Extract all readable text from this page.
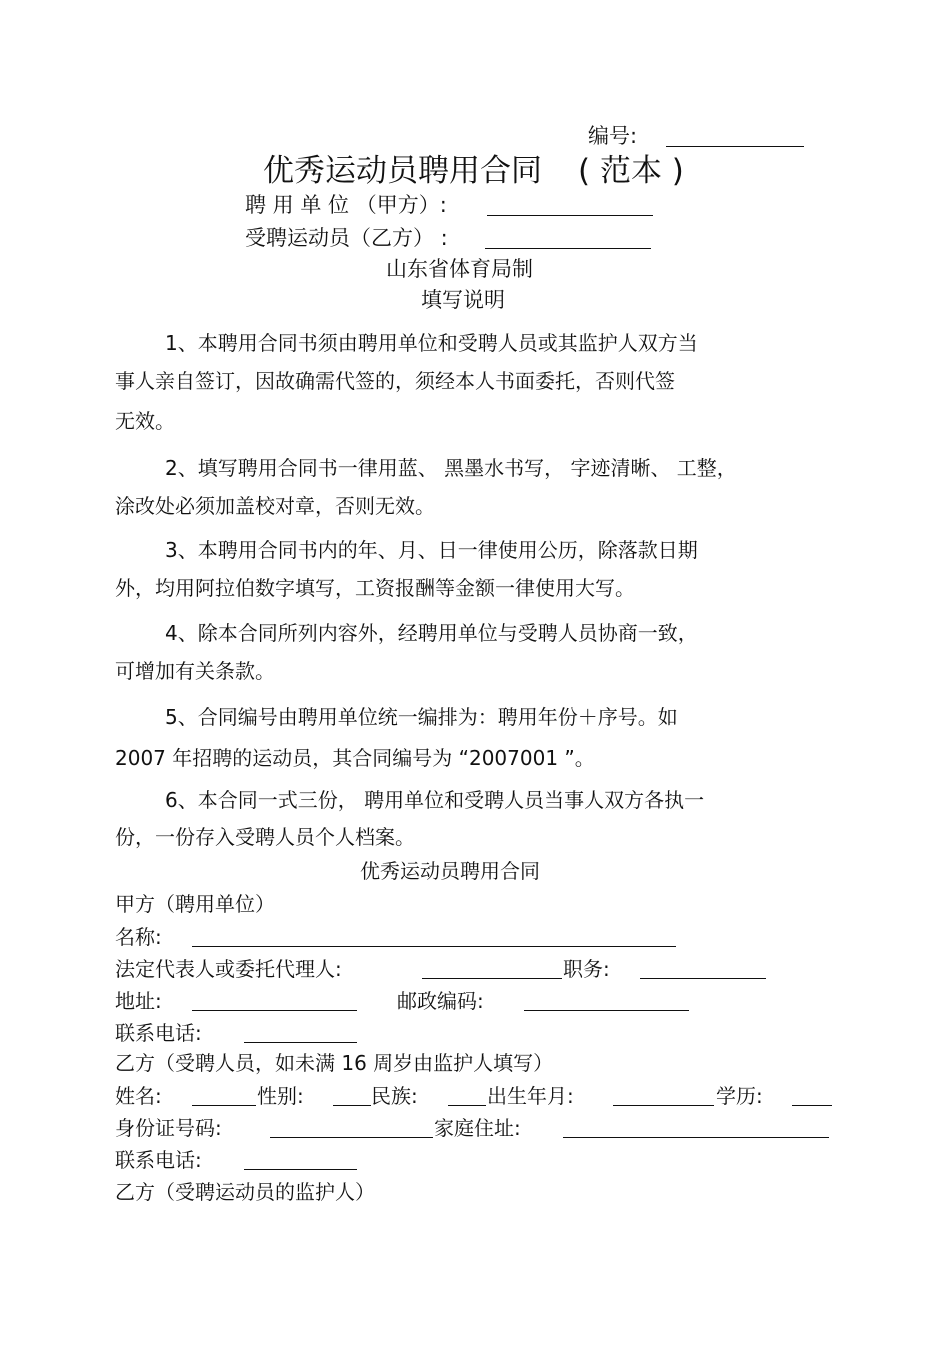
编号:
优秀运动员聘用合同 ( 范本 )
聘 用 单 位 （甲方）:
受聘运动员（乙方） :
山东省体育局制
填写说明
1、本聘用合同书须由聘用单位和受聘人员或其监护人双方当
事人亲自签订，因故确需代签的，须经本人书面委托，否则代签
无效。
2、填写聘用合同书一律用蓝、 黑墨水书写， 字迹清晰、 工整，
涂改处必须加盖校对章，否则无效。
3、本聘用合同书内的年、月、日一律使用公历，除落款日期
外，均用阿拉伯数字填写，工资报酬等金额一律使用大写。
4、除本合同所列内容外，经聘用单位与受聘人员协商一致，
可增加有关条款。
5、合同编号由聘用单位统一编排为：聘用年份＋序号。如
2007 年招聘的运动员，其合同编号为 “2007001 ”。
6、本合同一式三份， 聘用单位和受聘人员当事人双方各执一
份，一份存入受聘人员个人档案。
优秀运动员聘用合同
甲方（聘用单位）
名称:
法定代表人或委托代理人:	职务:
地址:	邮政编码:
联系电话:
乙方（受聘人员，如未满 16 周岁由监护人填写）
姓名:	性别:	民族:	出生年月:	学历:
身份证号码:	家庭住址:
联系电话:
乙方（受聘运动员的监护人）
